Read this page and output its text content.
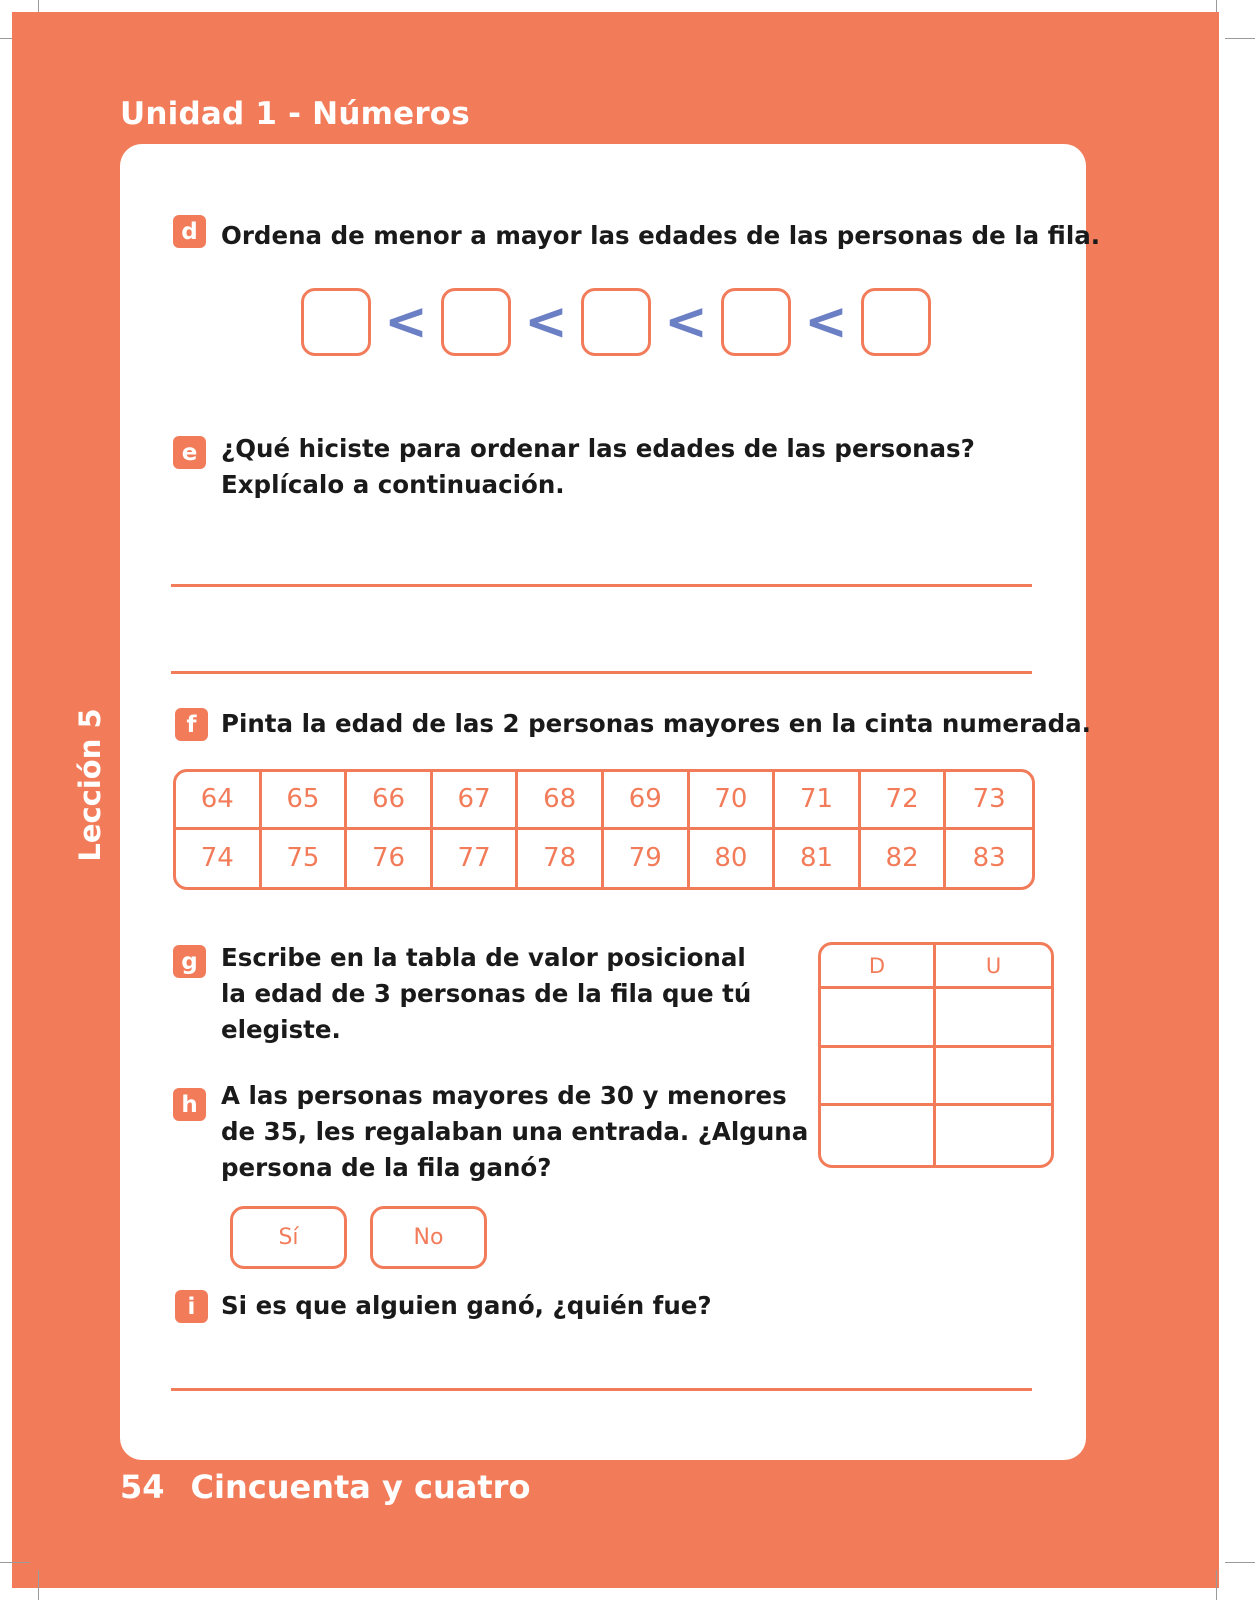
Unidad 1 - Números
Lección 5
d Ordena de menor a mayor las edades de las personas de la fila.
< < < <
e ¿Qué hiciste para ordenar las edades de las personas?
Explícalo a continuación.
f	Pinta la edad de las 2 personas mayores en la cinta numerada.
64	65	66	67	68	69	70	71	72	73
74	75	76	77	78	79	80	81	82	83
g Escribe en la tabla de valor posicional
la edad de 3 personas de la fila que tú
elegiste.
D	U
h A las personas mayores de 30 y menores
de 35, les regalaban una entrada. ¿Alguna
persona de la fila ganó?
Sí	No
i	Si es que alguien ganó, ¿quién fue?
54 Cincuenta y cuatro
